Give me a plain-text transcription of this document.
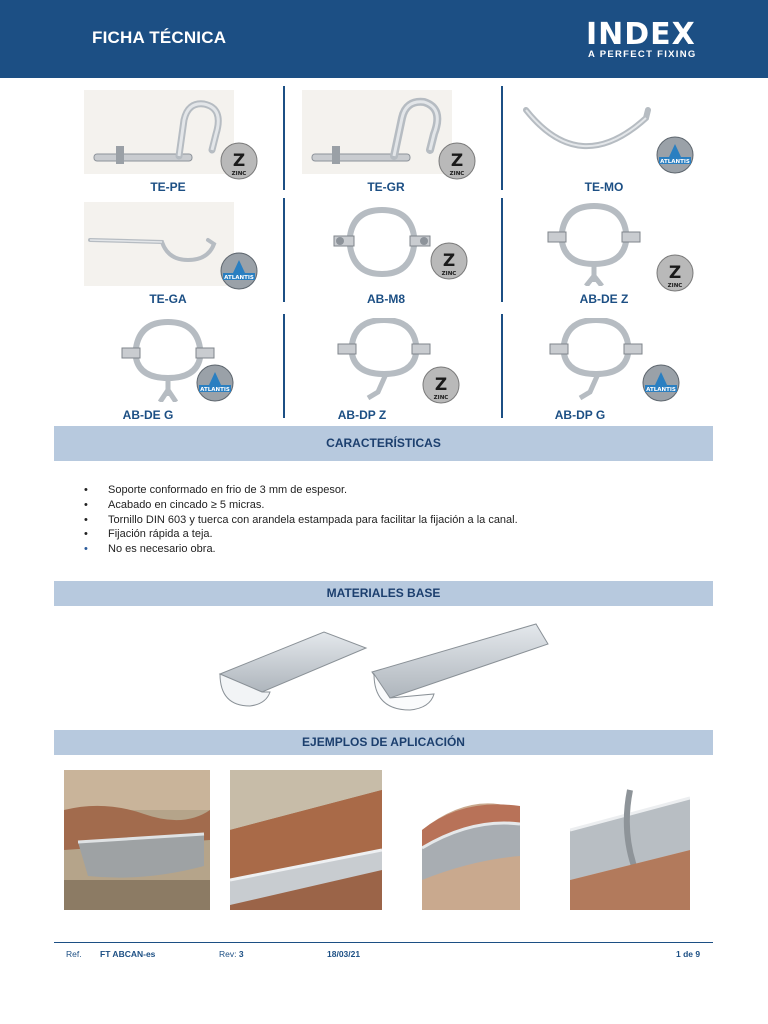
FICHA TÉCNICA	INDEX
A PERFECT FIXING
Z
ZINC
TE-PE
Z
ZINC
TE-GR
ATLANTIS
TE-MO
ATLANTIS
TE-GA
Z
ZINC
AB-M8
Z
ZINC
AB-DE Z
ATLANTIS
AB-DE G
Z
ZINC
AB-DP Z
ATLANTIS
AB-DP G
CARACTERÍSTICAS
• Soporte conformado en frio de 3 mm de espesor.
• Acabado en cincado ≥ 5 micras.
• Tornillo DIN 603 y tuerca con arandela estampada para facilitar la fijación a la canal.
• Fijación rápida a teja.
• No es necesario obra.
MATERIALES BASE
EJEMPLOS DE APLICACIÓN
Ref. FT ABCAN-es	Rev: 3	18/03/21	1 de 9
